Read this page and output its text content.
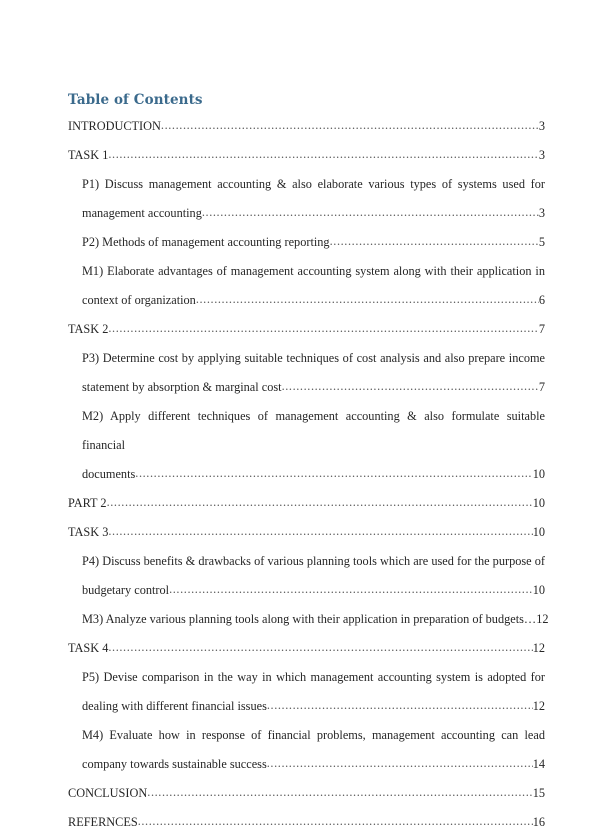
Table of Contents
INTRODUCTION .....	3
TASK 1 .....	3
P1) Discuss management accounting & also elaborate various types of systems used for
management accounting .....	3
P2) Methods of management accounting reporting .....	5
M1) Elaborate advantages of management accounting system along with their application in
context of organization .....	6
TASK 2 .....	7
P3) Determine cost by applying suitable techniques of cost analysis and also prepare income
statement by absorption & marginal cost .....	7
M2) Apply different techniques of management accounting & also formulate suitable financial
documents .....	10
PART 2 .....	10
TASK 3 .....	10
P4) Discuss benefits & drawbacks of various planning tools which are used for the purpose of
budgetary control .....	10
M3) Analyze various planning tools along with their application in preparation of budgets…12
TASK 4 .....	12
P5) Devise comparison in the way in which management accounting system is adopted for
dealing with different financial issues .....	12
M4) Evaluate how in response of financial problems, management accounting can lead
company towards sustainable success .....	14
CONCLUSION .....	15
REFERNCES .....	16
